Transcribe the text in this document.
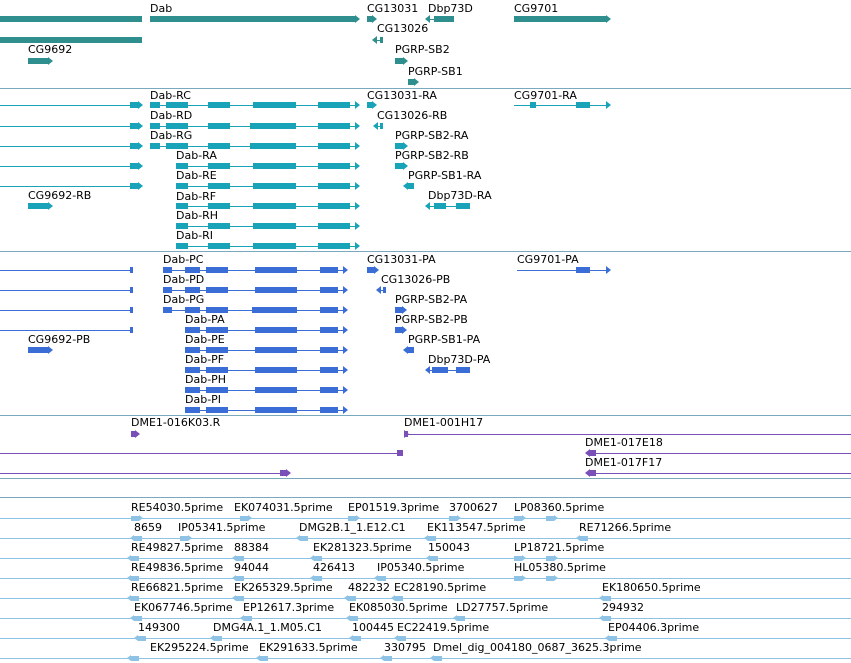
Dab	CG13031 Dbp73D	CG9701
CG13026
CG9692	PGRP-SB2
PGRP-SB1
Dab-RC	CG13031-RA	CG9701-RA
Dab-RD	CG13026-RB
Dab-RG	PGRP-SB2-RA
Dab-RA	PGRP-SB2-RB
Dab-RE	PGRP-SB1-RA
CG9692-RB	Dab-RF	Dbp73D-RA
Dab-RH
Dab-RI
Dab-PC	CG13031-PA	CG9701-PA
Dab-PD	CG13026-PB
Dab-PG	PGRP-SB2-PA
Dab-PA	PGRP-SB2-PB
CG9692-PB	Dab-PE	PGRP-SB1-PA
Dab-PF	Dbp73D-PA
Dab-PH
Dab-PI
DME1-016K03.R	DME1-001H17
DME1-017E18
DME1-017F17
RE54030.5prime EK074031.5prime EP01519.3prime 3700627 LP08360.5prime
8659 IP05341.5prime	DMG2B.1_1.E12.C1 EK113547.5prime	RE71266.5prime
RE49827.5prime 88384	EK281323.5prime 150043	LP18721.5prime
RE49836.5prime 94044	426413 IP05340.5prime	HL05380.5prime
RE66821.5prime EK265329.5prime 482232 EC28190.5prime	EK180650.5prime
EK067746.5prime EP12617.3prime EK085030.5prime LD27757.5prime	294932
149300	DMG4A.1_1.M05.C1	100445 EC22419.5prime	EP04406.3prime
EK295224.5prime EK291633.5prime 330795 Dmel_dig_004180_0687_3625.3prime
